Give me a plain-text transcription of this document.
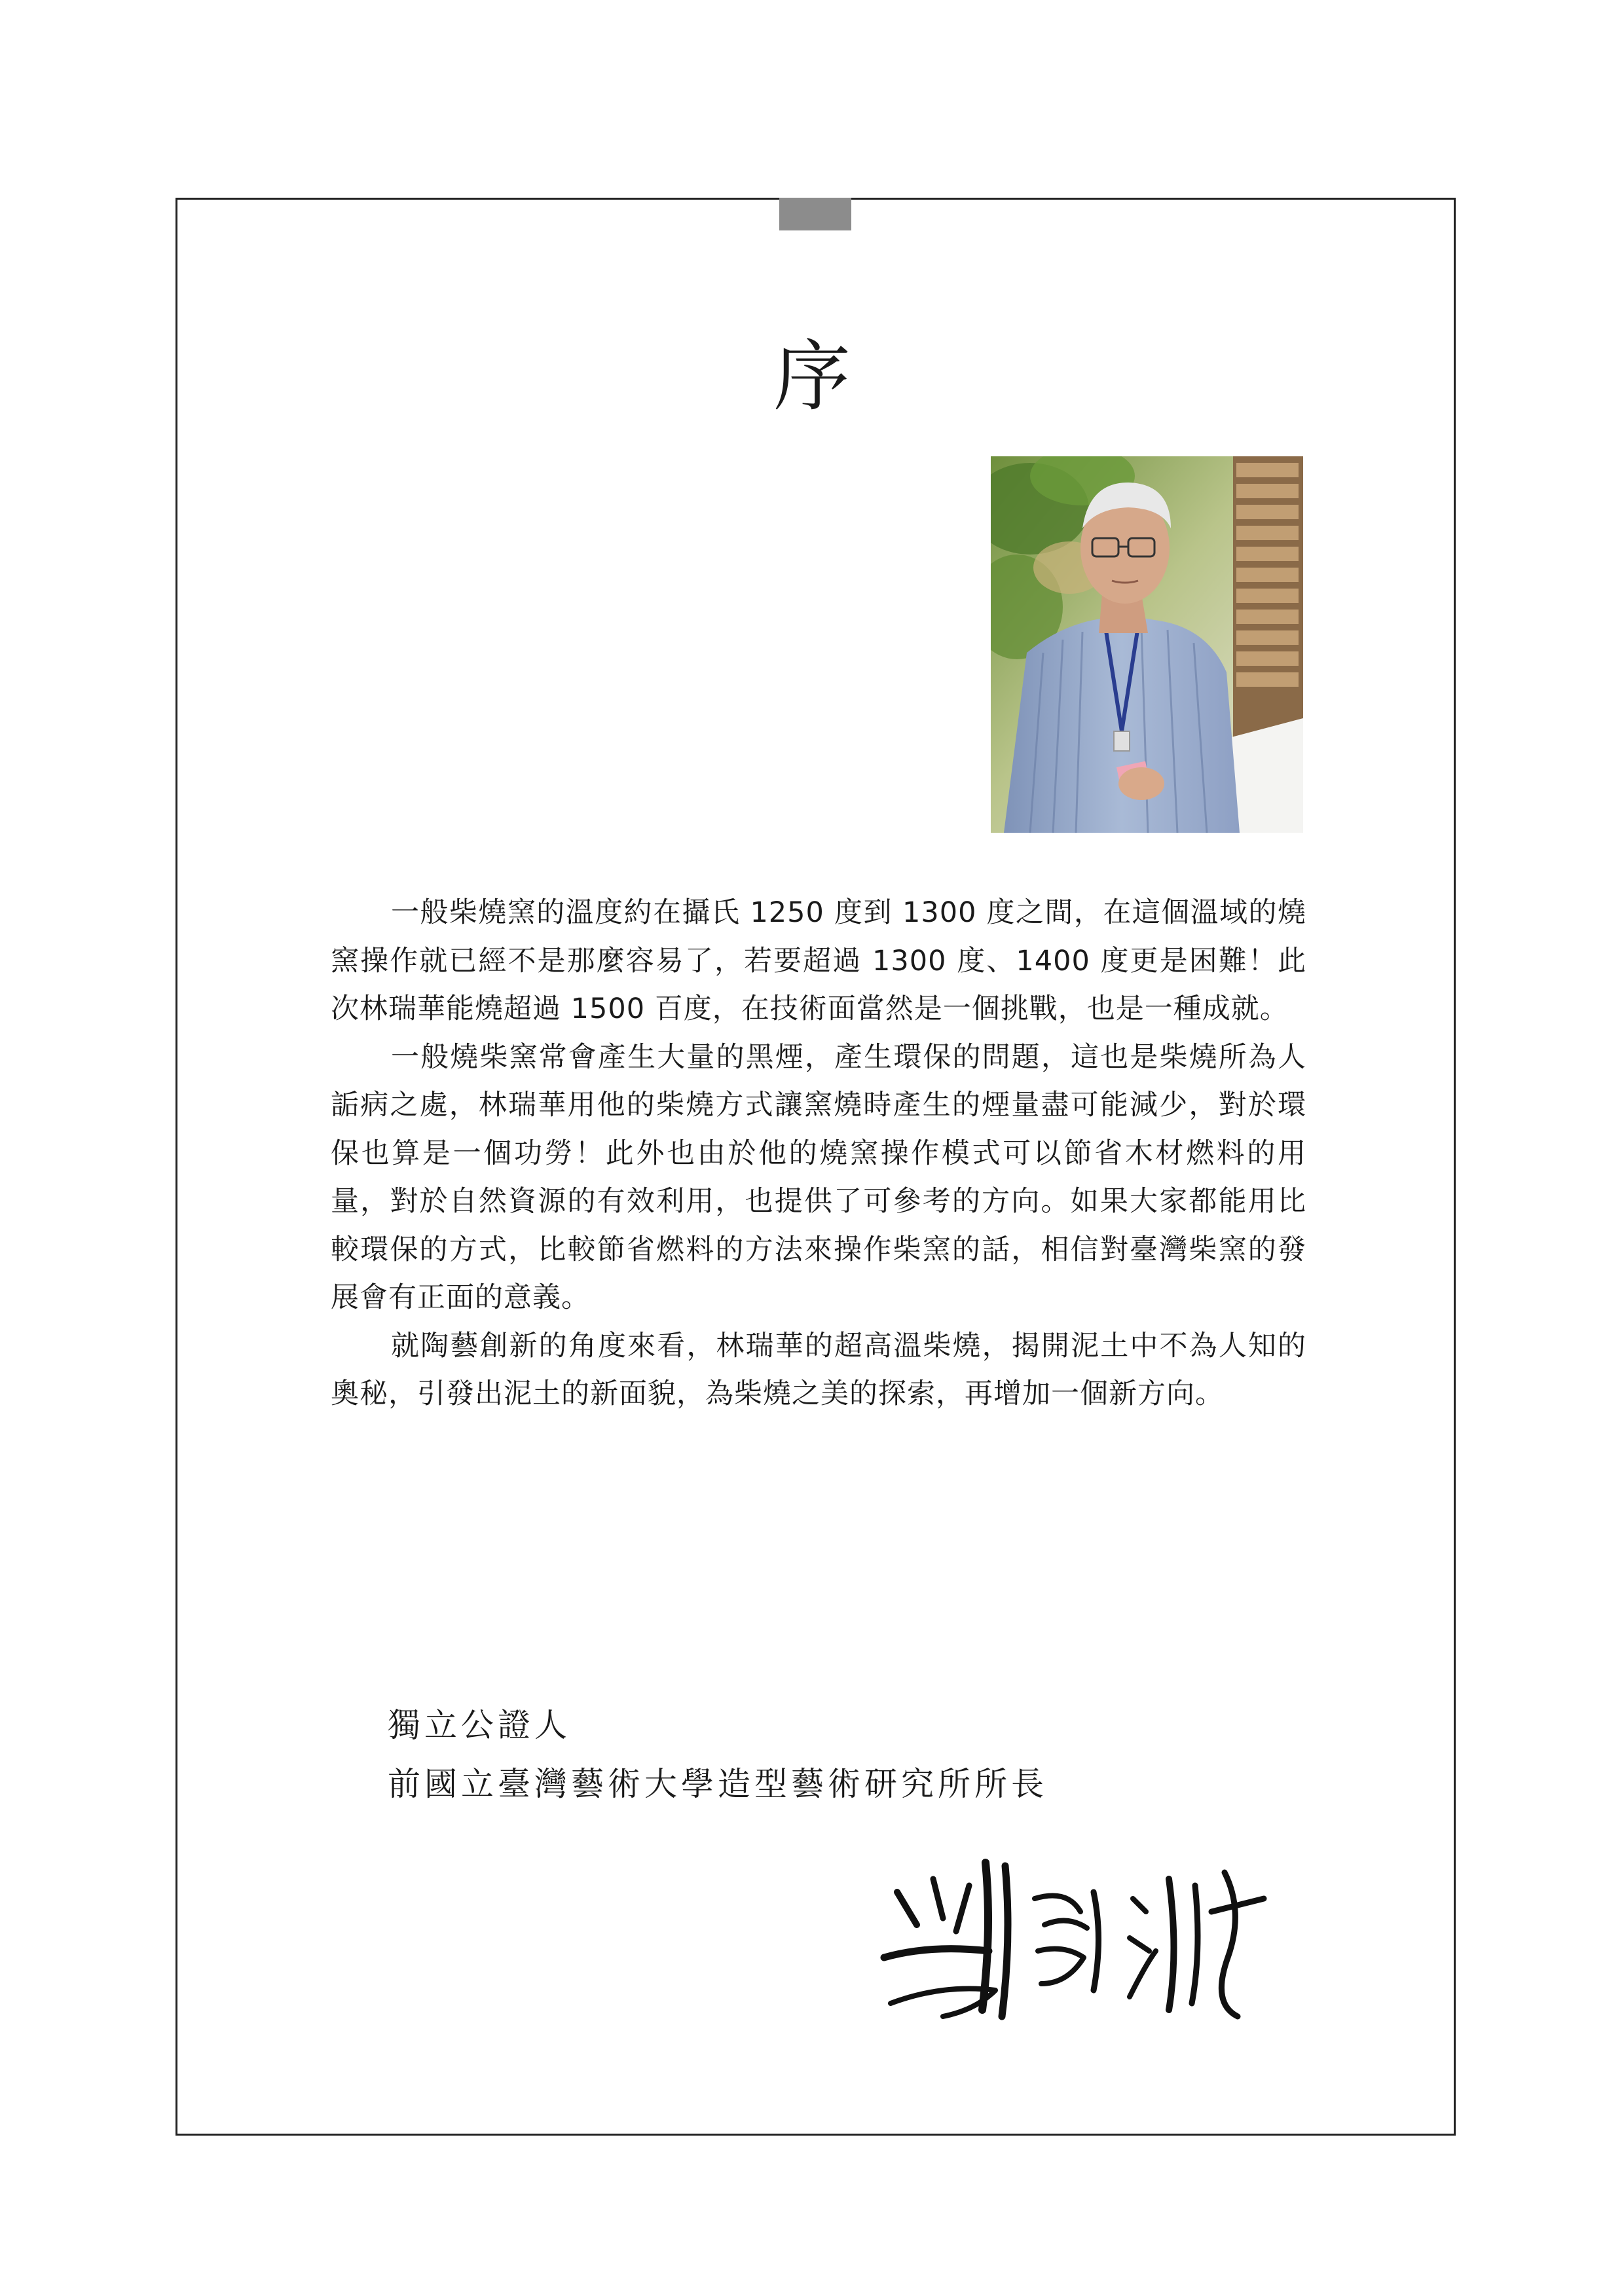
序

一般柴燒窯的溫度約在攝氏 1250 度到 1300 度之間，在這個溫域的燒窯操作就已經不是那麼容易了，若要超過 1300 度、1400 度更是困難！此次林瑞華能燒超過 1500 百度，在技術面當然是一個挑戰，也是一種成就。

一般燒柴窯常會產生大量的黑煙，產生環保的問題，這也是柴燒所為人詬病之處，林瑞華用他的柴燒方式讓窯燒時產生的煙量盡可能減少，對於環保也算是一個功勞！此外也由於他的燒窯操作模式可以節省木材燃料的用量，對於自然資源的有效利用，也提供了可參考的方向。如果大家都能用比較環保的方式，比較節省燃料的方法來操作柴窯的話，相信對臺灣柴窯的發展會有正面的意義。

就陶藝創新的角度來看，林瑞華的超高溫柴燒，揭開泥土中不為人知的奧秘，引發出泥土的新面貌，為柴燒之美的探索，再增加一個新方向。

獨立公證人
前國立臺灣藝術大學造型藝術研究所所長
